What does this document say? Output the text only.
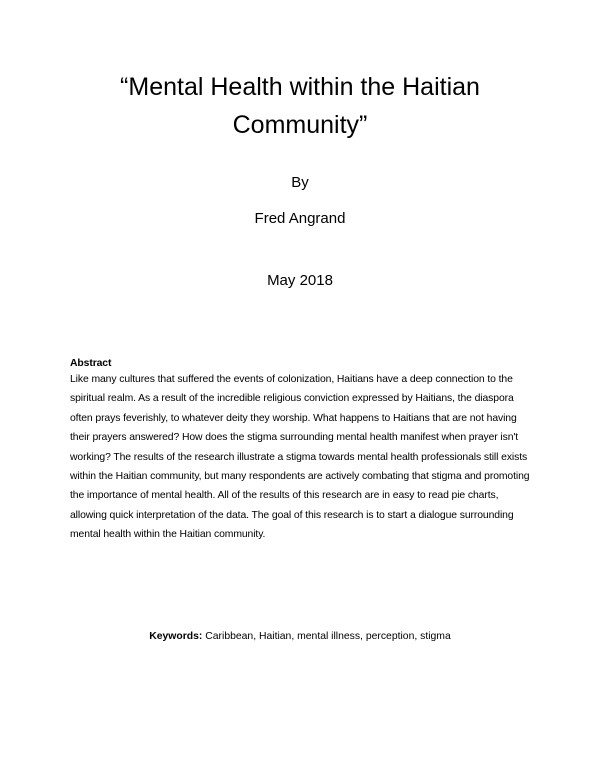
“Mental Health within the Haitian
Community”

By

Fred Angrand

May 2018

Abstract

Like many cultures that suffered the events of colonization, Haitians have a deep connection to the spiritual realm. As a result of the incredible religious conviction expressed by Haitians, the diaspora often prays feverishly, to whatever deity they worship. What happens to Haitians that are not having their prayers answered? How does the stigma surrounding mental health manifest when prayer isn't working? The results of the research illustrate a stigma towards mental health professionals still exists within the Haitian community, but many respondents are actively combating that stigma and promoting the importance of mental health. All of the results of this research are in easy to read pie charts, allowing quick interpretation of the data. The goal of this research is to start a dialogue surrounding mental health within the Haitian community.

Keywords: Caribbean, Haitian, mental illness, perception, stigma
